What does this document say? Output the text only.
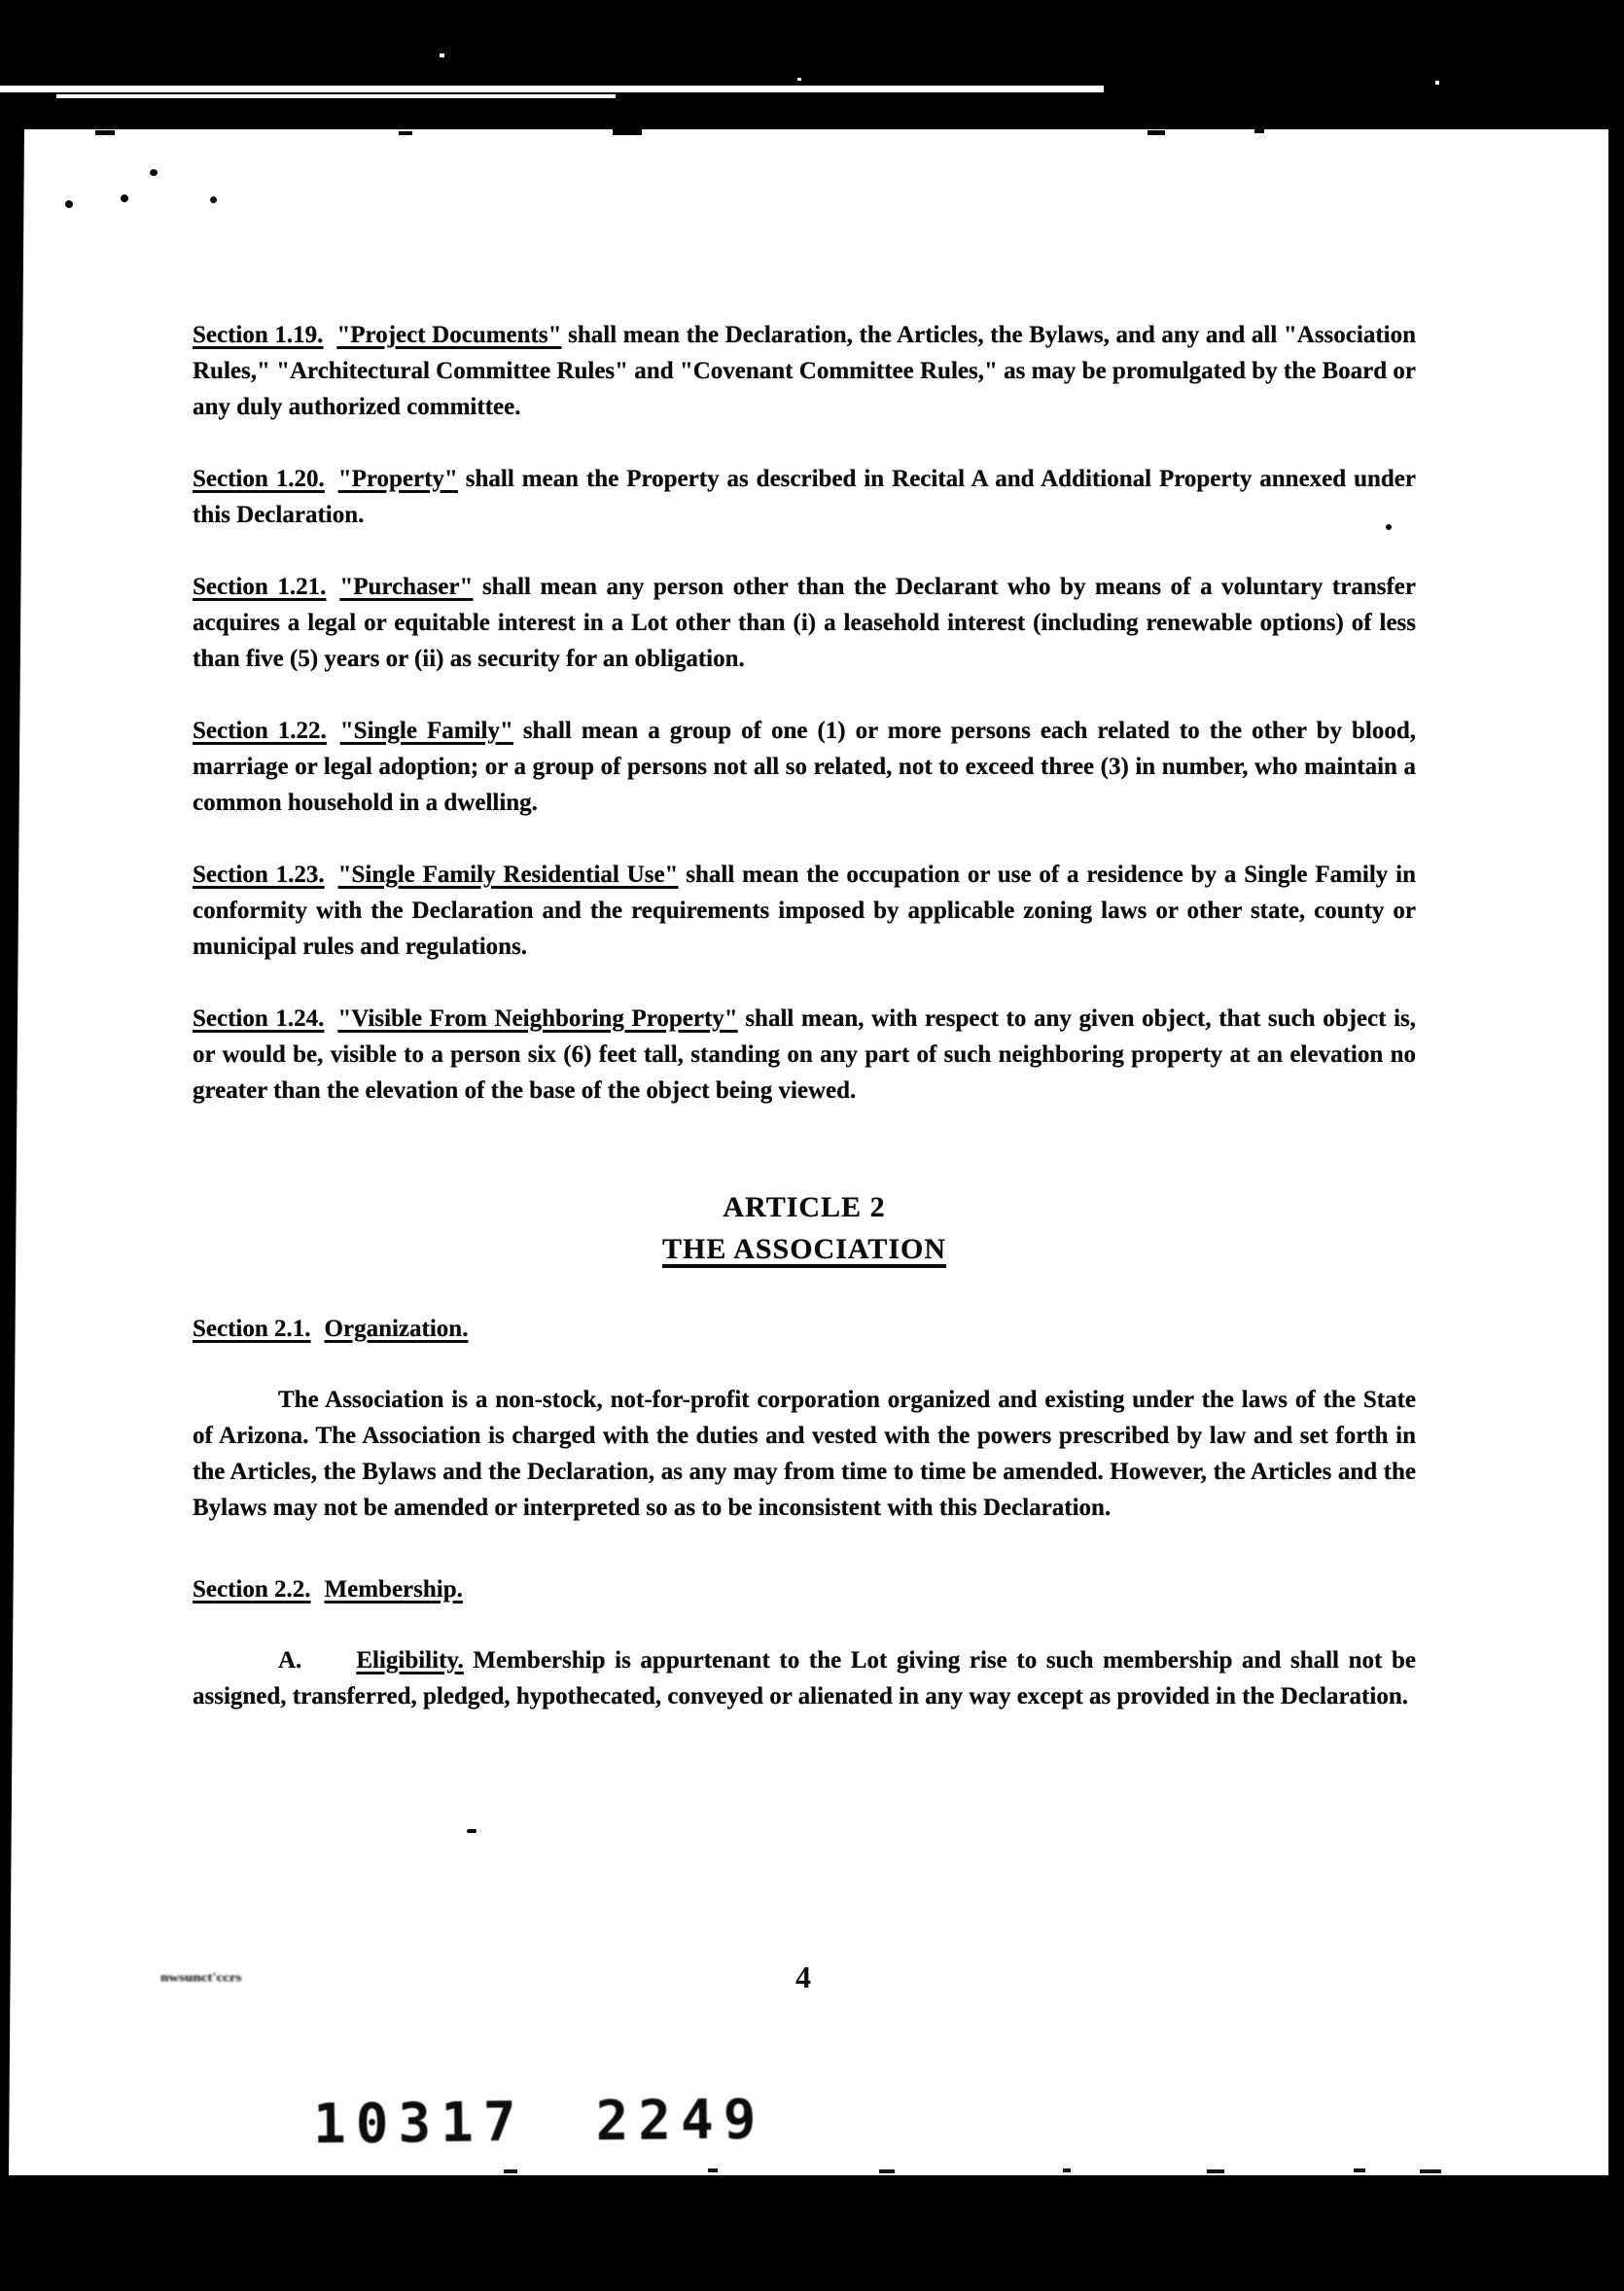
Section 1.19. "Project Documents" shall mean the Declaration, the Articles, the Bylaws, and any and all "Association Rules," "Architectural Committee Rules" and "Covenant Committee Rules," as may be promulgated by the Board or any duly authorized committee.

Section 1.20. "Property" shall mean the Property as described in Recital A and Additional Property annexed under this Declaration.

Section 1.21. "Purchaser" shall mean any person other than the Declarant who by means of a voluntary transfer acquires a legal or equitable interest in a Lot other than (i) a leasehold interest (including renewable options) of less than five (5) years or (ii) as security for an obligation.

Section 1.22. "Single Family" shall mean a group of one (1) or more persons each related to the other by blood, marriage or legal adoption; or a group of persons not all so related, not to exceed three (3) in number, who maintain a common household in a dwelling.

Section 1.23. "Single Family Residential Use" shall mean the occupation or use of a residence by a Single Family in conformity with the Declaration and the requirements imposed by applicable zoning laws or other state, county or municipal rules and regulations.

Section 1.24. "Visible From Neighboring Property" shall mean, with respect to any given object, that such object is, or would be, visible to a person six (6) feet tall, standing on any part of such neighboring property at an elevation no greater than the elevation of the base of the object being viewed.

ARTICLE 2
THE ASSOCIATION

Section 2.1. Organization.

The Association is a non-stock, not-for-profit corporation organized and existing under the laws of the State of Arizona. The Association is charged with the duties and vested with the powers prescribed by law and set forth in the Articles, the Bylaws and the Declaration, as any may from time to time be amended. However, the Articles and the Bylaws may not be amended or interpreted so as to be inconsistent with this Declaration.

Section 2.2. Membership.

A. Eligibility. Membership is appurtenant to the Lot giving rise to such membership and shall not be assigned, transferred, pledged, hypothecated, conveyed or alienated in any way except as provided in the Declaration.

nwsunct'ccrs	4
10317 2249
